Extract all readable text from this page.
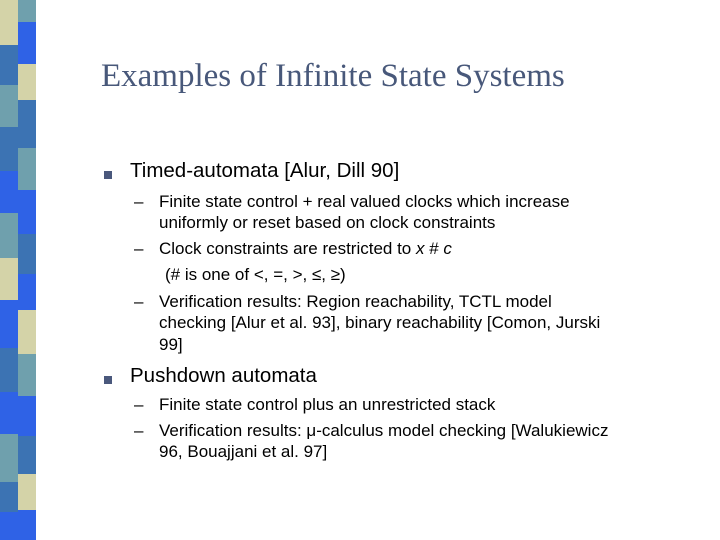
Examples of Infinite State Systems
Timed-automata [Alur, Dill 90]
– Finite state control + real valued clocks which increase
uniformly or reset based on clock constraints
– Clock constraints are restricted to x # c
(# is one of <, =, >, ≤, ≥)
– Verification results: Region reachability, TCTL model
checking [Alur et al. 93], binary reachability [Comon, Jurski
99]
Pushdown automata
– Finite state control plus an unrestricted stack
– Verification results: μ-calculus model checking [Walukiewicz
96, Bouajjani et al. 97]
